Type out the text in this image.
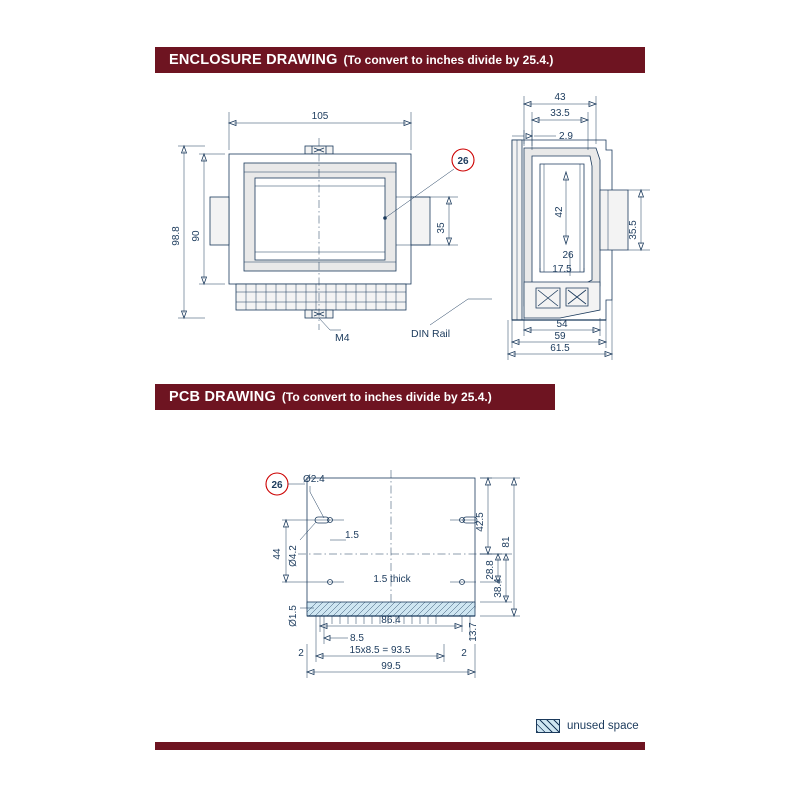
ENCLOSURE DRAWING (To convert to inches divide by 25.4.)
105
98.8 90
35
M4	DIN Rail
26
43
33.5
2.9
42
35.5
26
17.5
54
59
61.5
PCB DRAWING (To convert to inches divide by 25.4.)
26
Ø2.4
Ø4.2
44
1.5
1.5 thick
42.5
81
28.8
38.4
Ø1.5	86.4
13.7
8.5
15x8.5 = 93.5
2	2
99.5
unused space
